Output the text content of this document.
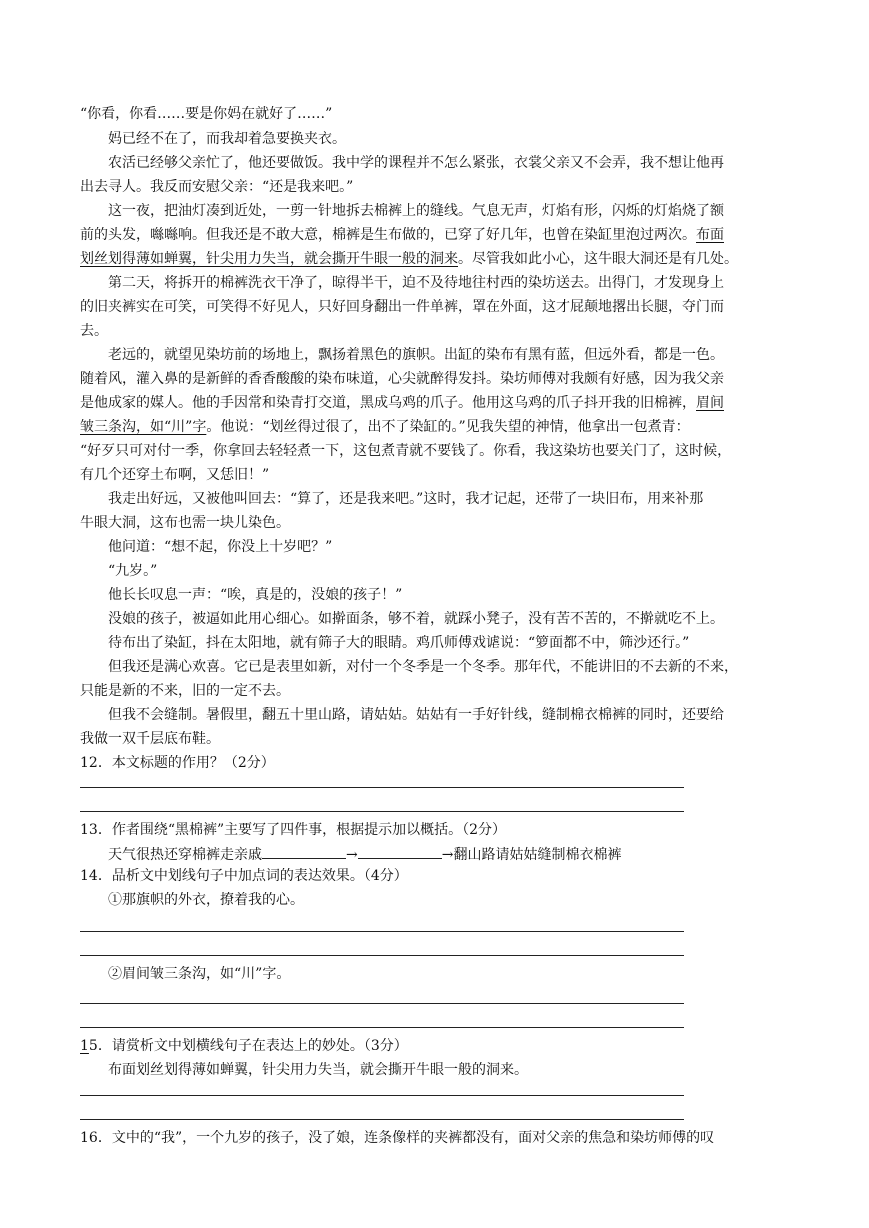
“你看，你看……要是你妈在就好了……”
妈已经不在了，而我却着急要换夹衣。
农活已经够父亲忙了，他还要做饭。我中学的课程并不怎么紧张，衣裳父亲又不会弄，我不想让他再
出去寻人。我反而安慰父亲：“还是我来吧。”
这一夜，把油灯凑到近处，一剪一针地拆去棉裤上的缝线。气息无声，灯焰有形，闪烁的灯焰烧了额
前的头发，噝噝响。但我还是不敢大意，棉裤是生布做的，已穿了好几年，也曾在染缸里泡过两次。布面
划丝划得薄如蝉翼，针尖用力失当，就会撕开牛眼一般的洞来。尽管我如此小心，这牛眼大洞还是有几处。
第二天，将拆开的棉裤洗衣干净了，晾得半干，迫不及待地往村西的染坊送去。出得门，才发现身上
的旧夹裤实在可笑，可笑得不好见人，只好回身翻出一件单裤，罩在外面，这才屁颠地撂出长腿，夺门而
去。
老远的，就望见染坊前的场地上，飘扬着黑色的旗帜。出缸的染布有黑有蓝，但远外看，都是一色。
随着风，灌入鼻的是新鲜的香香酸酸的染布味道，心尖就醉得发抖。染坊师傅对我颇有好感，因为我父亲
是他成家的媒人。他的手因常和染青打交道，黑成乌鸡的爪子。他用这乌鸡的爪子抖开我的旧棉裤，眉间
皱三条沟，如“川”字。他说：“划丝得过很了，出不了染缸的。”见我失望的神情，他拿出一包煮青：
“好歹只可对付一季，你拿回去轻轻煮一下，这包煮青就不要钱了。你看，我这染坊也要关门了，这时候，
有几个还穿土布啊，又恁旧！”
我走出好远，又被他叫回去：“算了，还是我来吧。”这时，我才记起，还带了一块旧布，用来补那
牛眼大洞，这布也需一块儿染色。
他问道：“想不起，你没上十岁吧？”
“九岁。”
他长长叹息一声：“唉，真是的，没娘的孩子！”
没娘的孩子，被逼如此用心细心。如擀面条，够不着，就踩小凳子，没有苦不苦的，不擀就吃不上。
待布出了染缸，抖在太阳地，就有筛子大的眼睛。鸡爪师傅戏谑说：“箩面都不中，筛沙还行。”
但我还是满心欢喜。它已是表里如新，对付一个冬季是一个冬季。那年代，不能讲旧的不去新的不来，
只能是新的不来，旧的一定不去。
但我不会缝制。暑假里，翻五十里山路，请姑姑。姑姑有一手好针线，缝制棉衣棉裤的同时，还要给
我做一双千层底布鞋。
12．本文标题的作用？（2分）
13．作者围绕“黑棉裤”主要写了四件事，根据提示加以概括。（2分）
天气很热还穿棉裤走亲戚	→	→翻山路请姑姑缝制棉衣棉裤
14．品析文中划线句子中加点词的表达效果。（4分）
①那旗帜的外衣，撩着我的心。
②眉间皱三条沟，如“川”字。
15．请赏析文中划横线句子在表达上的妙处。（3分）
布面划丝划得薄如蝉翼，针尖用力失当，就会撕开牛眼一般的洞来。
16．文中的“我”，一个九岁的孩子，没了娘，连条像样的夹裤都没有，面对父亲的焦急和染坊师傅的叹
